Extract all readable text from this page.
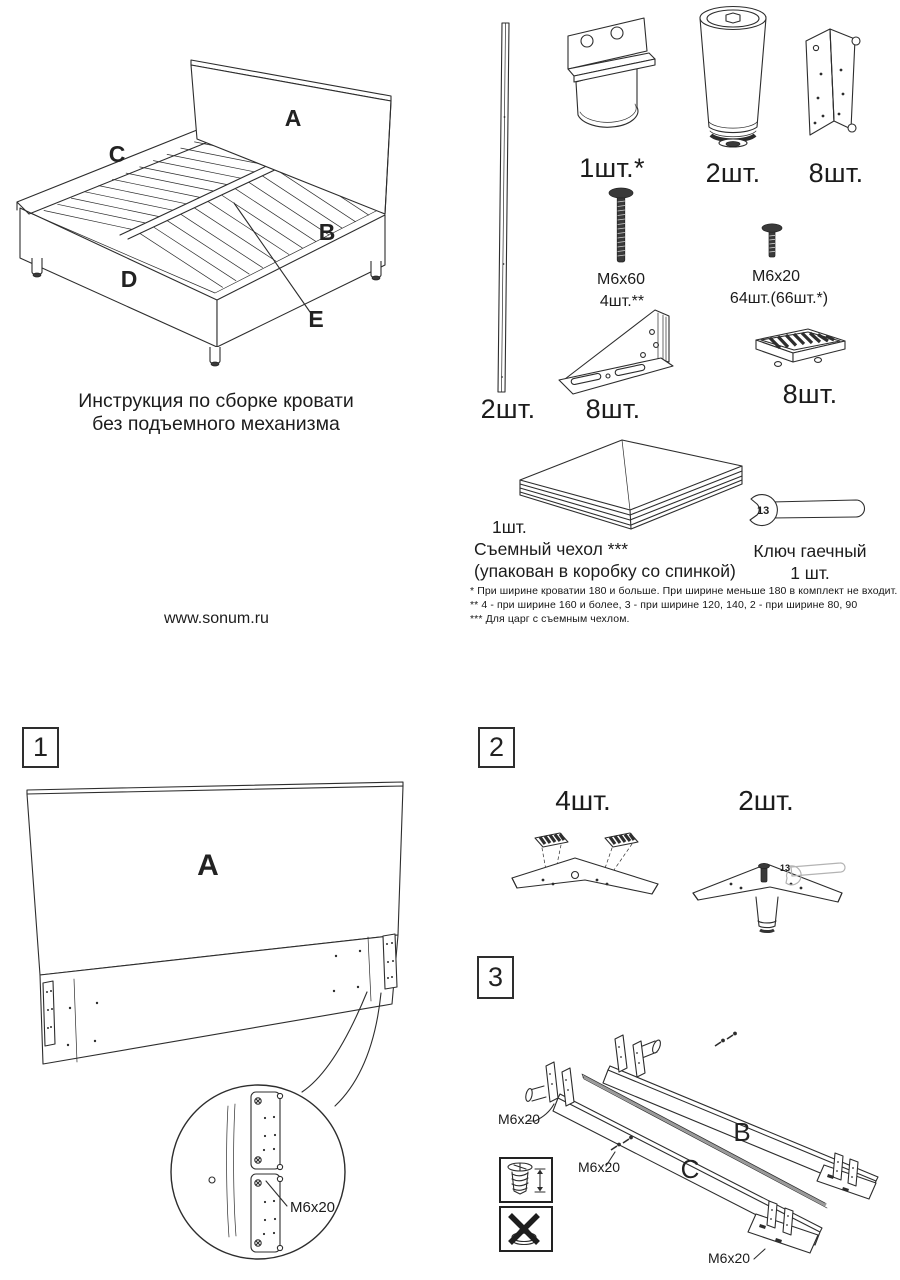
A
C
B
D
E
Инструкция по сборке кровати
без подъемного механизма
www.sonum.ru
2шт.
1шт.* 2шт. 8шт.
M6x60
4шт.**
M6x20
64шт.(66шт.*)
8шт.	8шт.
1шт.
Съемный чехол ***
(упакован в коробку со спинкой)
13
Ключ гаечный
1 шт.
* При ширине кроватии 180 и больше. При ширине меньше 180 в комплект не входит.
** 4 - при ширине 160 и более, 3 - при ширине 120, 140, 2 - при ширине 80, 90
*** Для царг с съемным чехлом.
1
A
M6x20
2
4шт.	2шт.
13
3
B
C
M6x20
M6x20
M6x20
